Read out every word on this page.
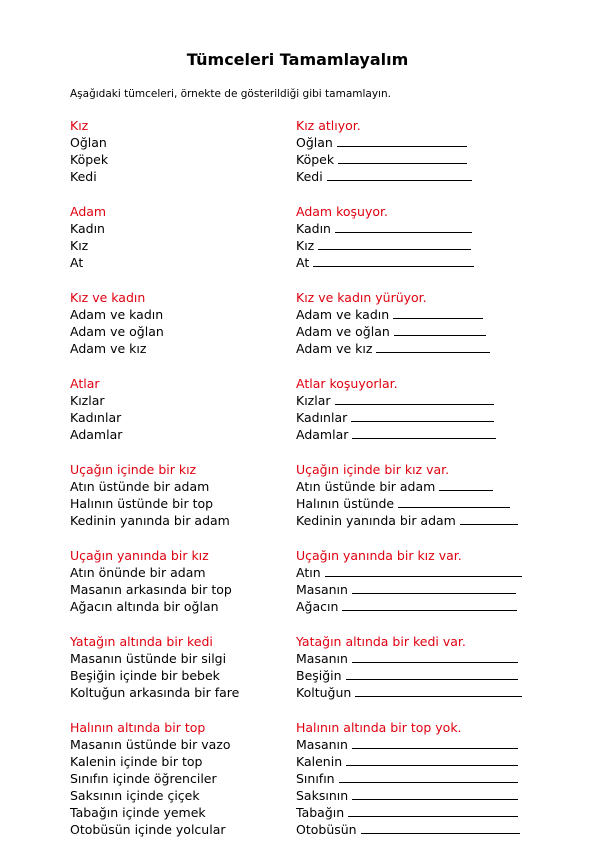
Tümceleri Tamamlayalım
Aşağıdaki tümceleri, örnekte de gösterildiği gibi tamamlayın.
Kız
Oğlan
Köpek
Kedi
Adam
Kadın
Kız
At
Kız ve kadın
Adam ve kadın
Adam ve oğlan
Adam ve kız
Atlar
Kızlar
Kadınlar
Adamlar
Uçağın içinde bir kız
Atın üstünde bir adam
Halının üstünde bir top
Kedinin yanında bir adam
Uçağın yanında bir kız
Atın önünde bir adam
Masanın arkasında bir top
Ağacın altında bir oğlan
Yatağın altında bir kedi
Masanın üstünde bir silgi
Beşiğin içinde bir bebek
Koltuğun arkasında bir fare
Halının altında bir top
Masanın üstünde bir vazo
Kalenin içinde bir top
Sınıfın içinde öğrenciler
Saksının içinde çiçek
Tabağın içinde yemek
Otobüsün içinde yolcular
Kız atlıyor.
Oğlan
Köpek
Kedi
Adam koşuyor.
Kadın
Kız
At
Kız ve kadın yürüyor.
Adam ve kadın
Adam ve oğlan
Adam ve kız
Atlar koşuyorlar.
Kızlar
Kadınlar
Adamlar
Uçağın içinde bir kız var.
Atın üstünde bir adam
Halının üstünde
Kedinin yanında bir adam
Uçağın yanında bir kız var.
Atın
Masanın
Ağacın
Yatağın altında bir kedi var.
Masanın
Beşiğin
Koltuğun
Halının altında bir top yok.
Masanın
Kalenin
Sınıfın
Saksının
Tabağın
Otobüsün
